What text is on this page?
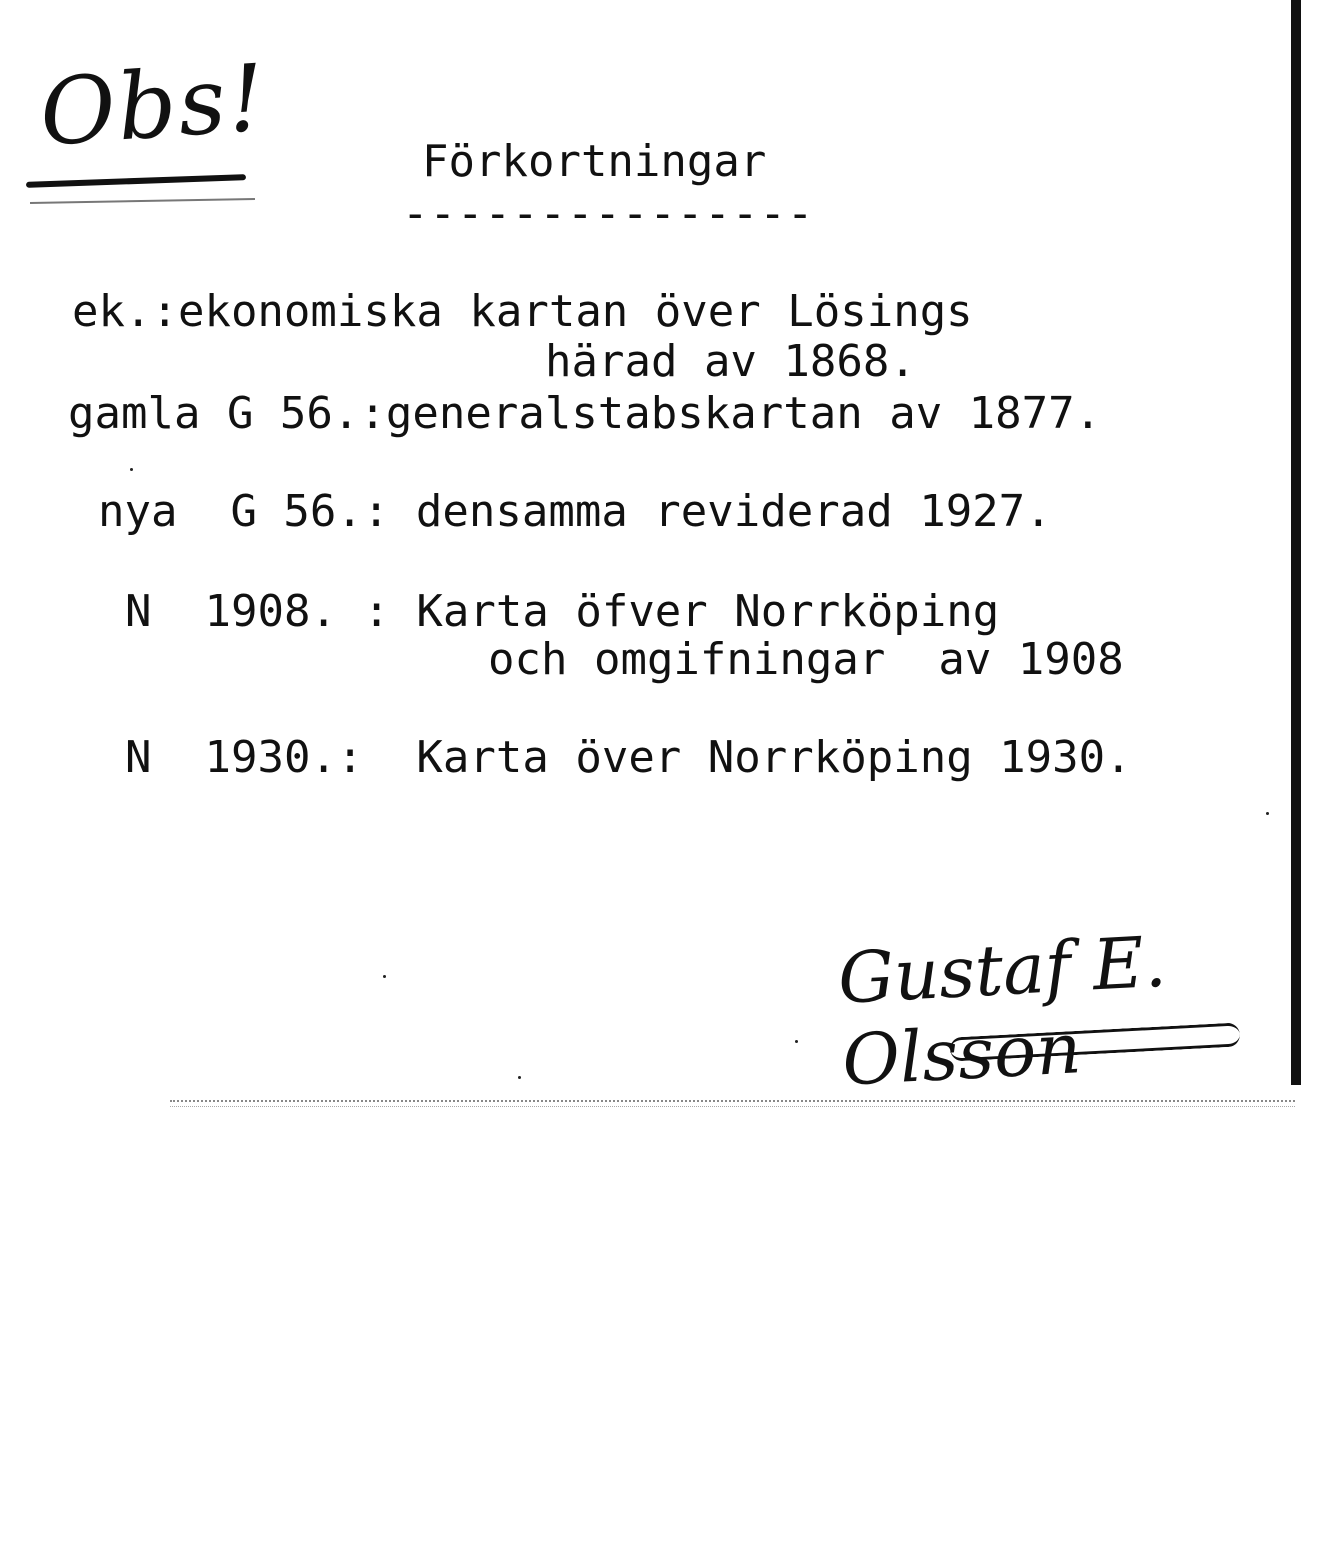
Obs!	Förkortningar
---------------
ek.:ekonomiska kartan över Lösings
härad av 1868.
gamla G 56.:generalstabskartan av 1877.
nya  G 56.: densamma reviderad 1927.
N  1908. : Karta öfver Norrköping
och omgifningar  av 1908
N  1930.:  Karta över Norrköping 1930.
Gustaf E. Olsson
